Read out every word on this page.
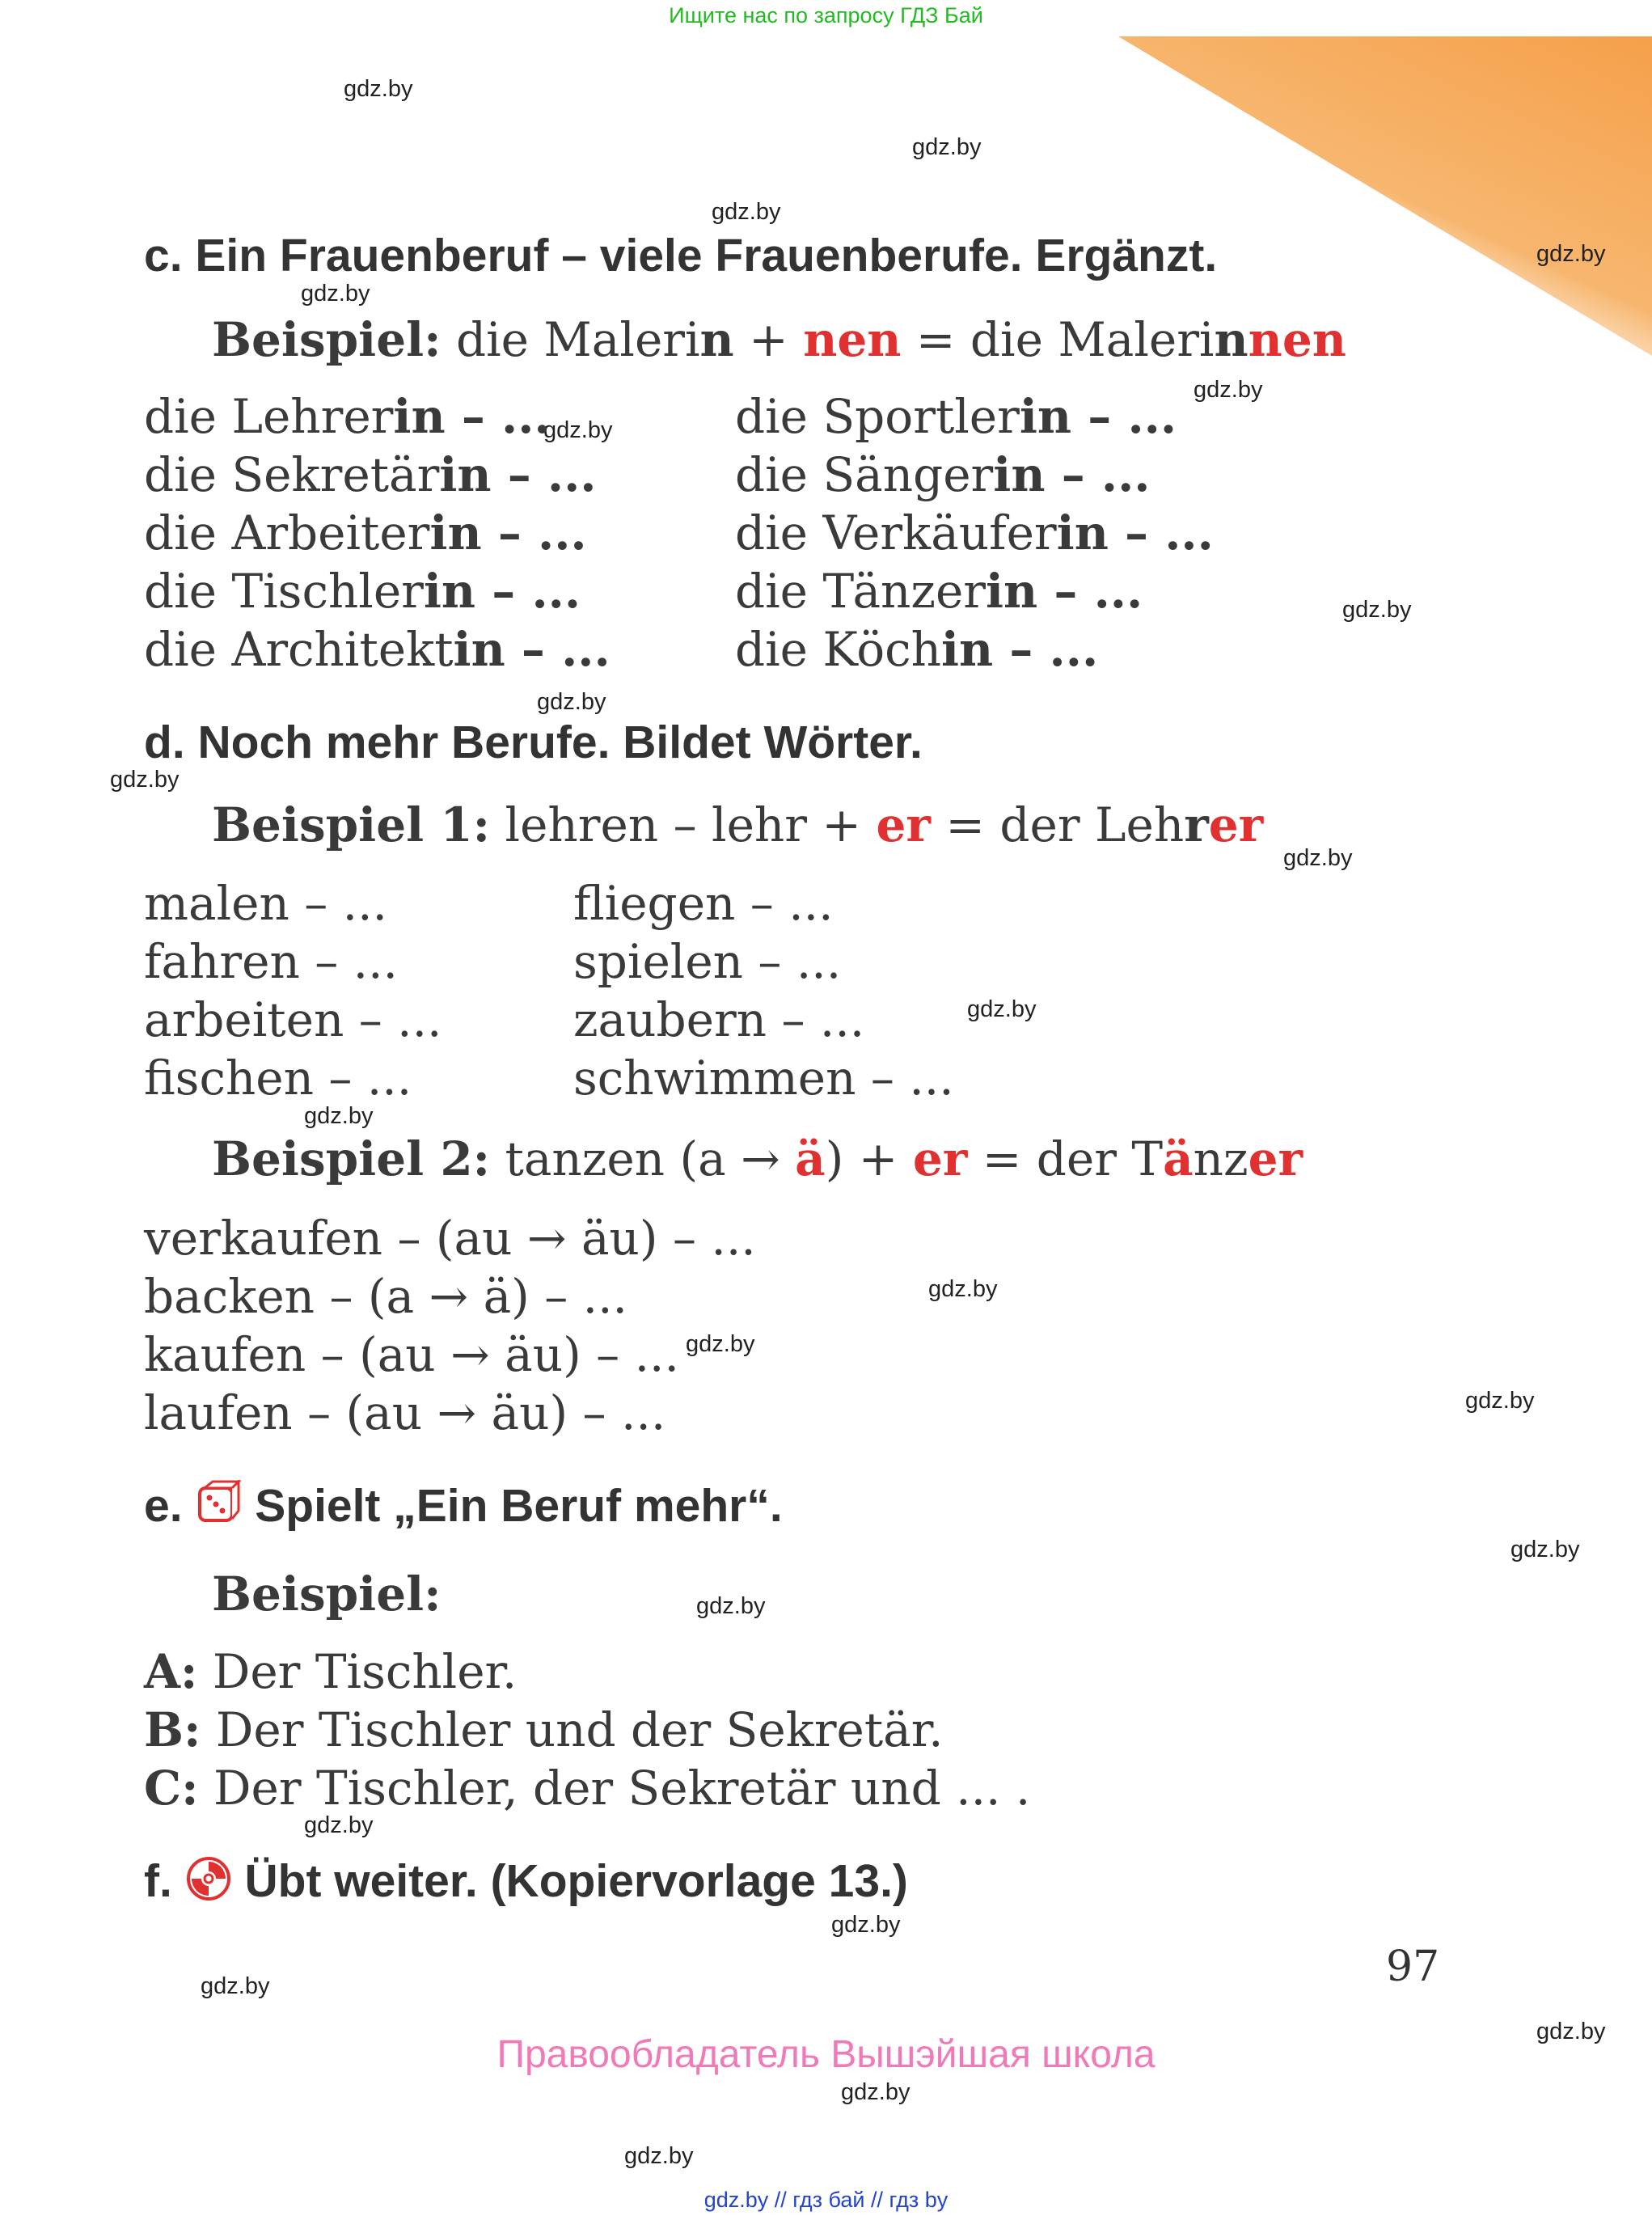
Ищите нас по запросу ГДЗ Бай
gdz.by
gdz.by
gdz.by
gdz.by
gdz.by
gdz.by
gdz.by
gdz.by
gdz.by
gdz.by
gdz.by
gdz.by
gdz.by
gdz.by
gdz.by
gdz.by
gdz.by
gdz.by
gdz.by
gdz.by
gdz.by
gdz.by
gdz.by
gdz.by
c. Ein Frauenberuf – viele Frauenberufe. Ergänzt.
Beispiel: die Malerin + nen = die Malerinnen
die Lehrerin – ...
die Sekretärin – ...
die Arbeiterin – ...
die Tischlerin – ...
die Architektin – ...
die Sportlerin – ...
die Sängerin – ...
die Verkäuferin – ...
die Tänzerin – ...
die Köchin – ...
d. Noch mehr Berufe. Bildet Wörter.
Beispiel 1: lehren – lehr + er = der Lehrer
malen – ...
fahren – ...
arbeiten – ...
fischen – ...
fliegen – ...
spielen – ...
zaubern – ...
schwimmen – ...
Beispiel 2: tanzen (a → ä) + er = der Tänzer
verkaufen – (au → äu) – ...
backen – (a → ä) – ...
kaufen – (au → äu) – ...
laufen – (au → äu) – ...
e.  Spielt „Ein Beruf mehr“.
Beispiel:
A: Der Tischler.
B: Der Tischler und der Sekretär.
C: Der Tischler, der Sekretär und ... .
f.  Übt weiter. (Kopiervorlage 13.)
97
Правообладатель Вышэйшая школа
gdz.by // гдз бай // гдз by
